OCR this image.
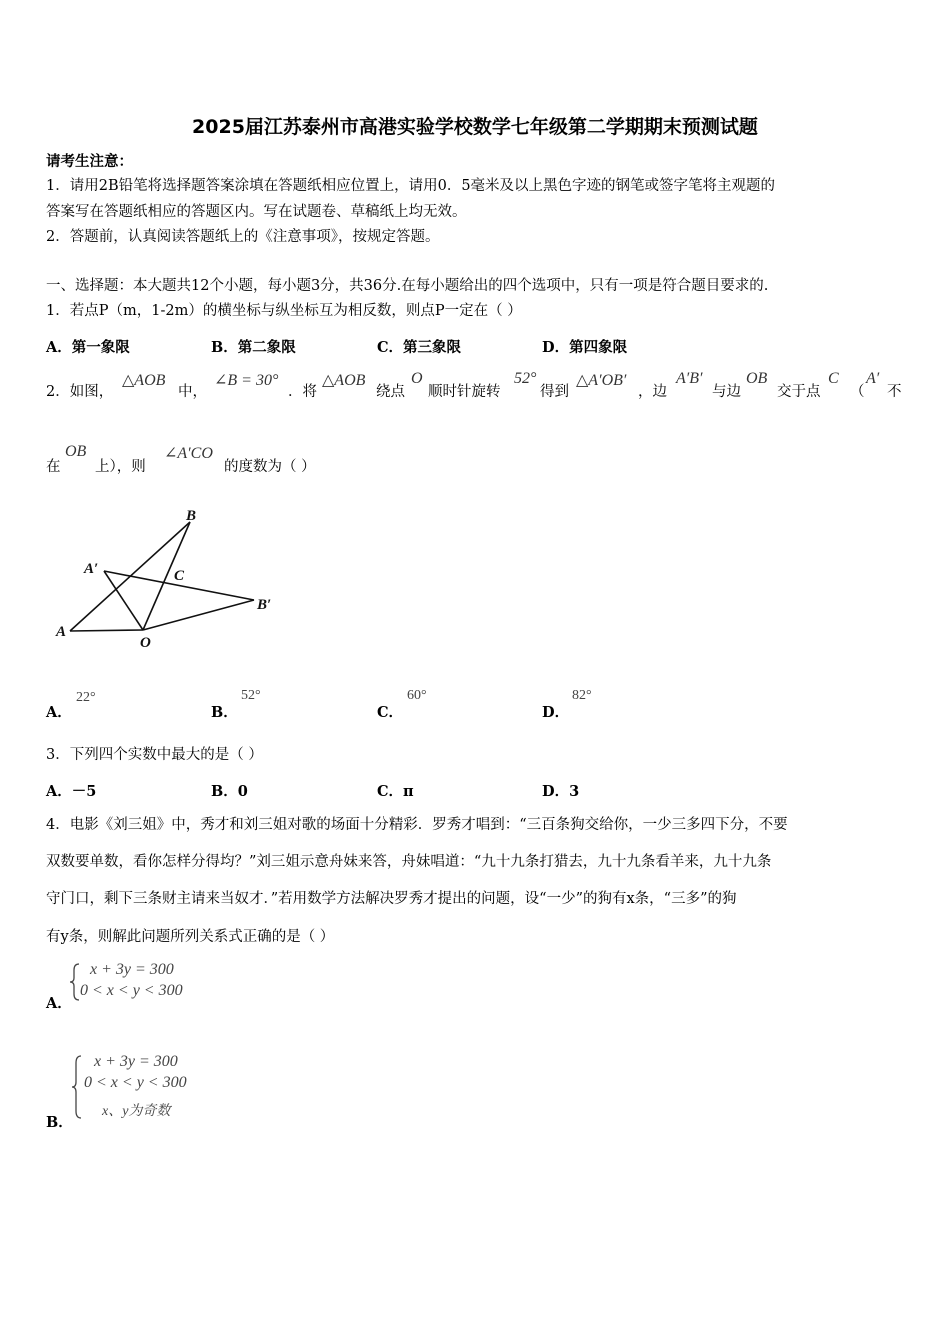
2025届江苏泰州市高港实验学校数学七年级第二学期期末预测试题
请考生注意：
1．请用2B铅笔将选择题答案涂填在答题纸相应位置上，请用0．5毫米及以上黑色字迹的钢笔或签字笔将主观题的
答案写在答题纸相应的答题区内。写在试题卷、草稿纸上均无效。
2．答题前，认真阅读答题纸上的《注意事项》，按规定答题。
一、选择题：本大题共12个小题，每小题3分，共36分.在每小题给出的四个选项中，只有一项是符合题目要求的.
1．若点P（m，1-2m）的横坐标与纵坐标互为相反数，则点P一定在（ ）
A．第一象限	B．第二象限	C．第三象限	D．第四象限
2．如图，
△AOB
中，
∠B = 30°
．将
△AOB
绕点
O
顺时针旋转
52°
得到
△A′OB′
，边
A′B′
与边
OB
交于点
C
（
A′
不
在
OB
上），则
∠A′CO
的度数为（ ）
B
A′	C
B′
A
O
A．
22°
B．
52°
C．
60°
D．
82°
3．下列四个实数中最大的是（ ）
A．－5	B．0	C．π	D．3
4．电影《刘三姐》中，秀才和刘三姐对歌的场面十分精彩．罗秀才唱到：“三百条狗交给你，一少三多四下分，不要
双数要单数，看你怎样分得均？”刘三姐示意舟妹来答，舟妹唱道：“九十九条打猎去，九十九条看羊来，九十九条
守门口，剩下三条财主请来当奴才．”若用数学方法解决罗秀才提出的问题，设“一少”的狗有x条，“三多”的狗
有y条，则解此问题所列关系式正确的是（ ）
A．
x + 3y = 300
0 < x < y < 300
B．
x + 3y = 300
0 < x < y < 300
x、y为奇数
